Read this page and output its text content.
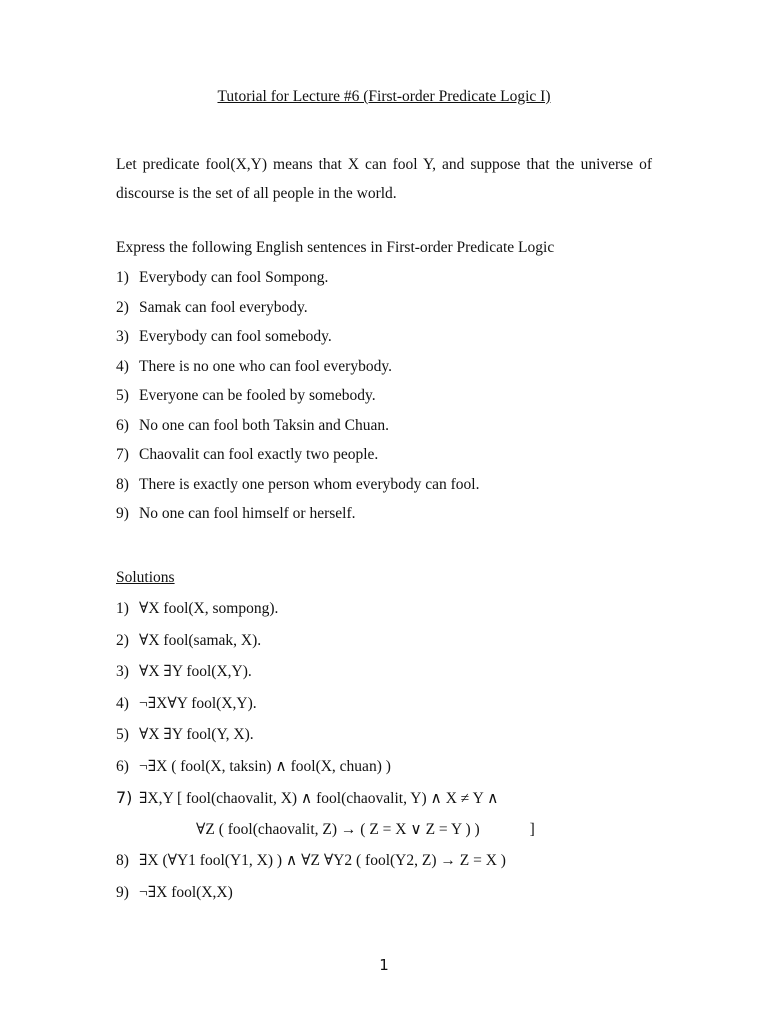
Tutorial for Lecture #6 (First-order Predicate Logic I)
Let predicate fool(X,Y) means that X can fool Y, and suppose that the universe of discourse is the set of all people in the world.
Express the following English sentences in First-order Predicate Logic
1) Everybody can fool Sompong.
2) Samak can fool everybody.
3) Everybody can fool somebody.
4) There is no one who can fool everybody.
5) Everyone can be fooled by somebody.
6) No one can fool both Taksin and Chuan.
7) Chaovalit can fool exactly two people.
8) There is exactly one person whom everybody can fool.
9) No one can fool himself or herself.
Solutions
1) ∀X fool(X, sompong).
2) ∀X fool(samak, X).
3) ∀X ∃Y fool(X,Y).
4) ¬∃X∀Y fool(X,Y).
5) ∀X ∃Y fool(Y, X).
6) ¬∃X ( fool(X, taksin) ∧ fool(X, chuan) )
7) ∃X,Y [ fool(chaovalit, X) ∧ fool(chaovalit, Y) ∧ X ≠ Y ∧
∀Z ( fool(chaovalit, Z) → ( Z = X ∨ Z = Y ) )	]
8) ∃X (∀Y1 fool(Y1, X) ) ∧ ∀Z ∀Y2 ( fool(Y2, Z) → Z = X )
9) ¬∃X fool(X,X)
1
